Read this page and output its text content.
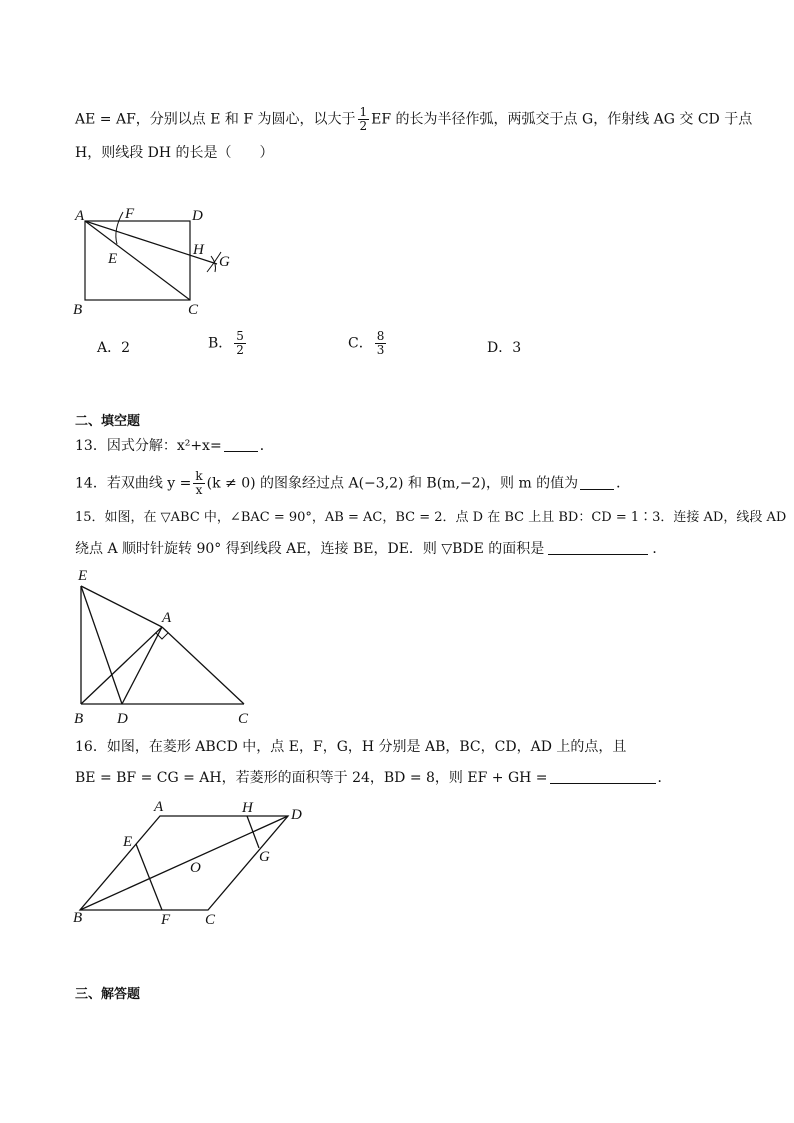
AE = AF，分别以点 E 和 F 为圆心，以大于 $\frac{1}{2}$ EF 的长为半径作弧，两弧交于点 G，作射线 AG 交 CD 于点
H，则线段 DH 的长是（　　）
A	F	D
E
H
G
B	C
A．2	B． $\frac{5}{2}$	C． $\frac{8}{3}$	D．3
二、填空题
13．因式分解：x²+x=	．
14．若双曲线 $y = \frac{k}{x} (k \ne 0)$ 的图象经过点 A(−3,2) 和 B(m,−2)，则 m 的值为	．
15．如图，在 ▽ABC 中，∠BAC = 90°，AB = AC，BC = 2．点 D 在 BC 上且 BD：CD = 1∶3．连接 AD，线段 AD
绕点 A 顺时针旋转 90° 得到线段 AE，连接 BE，DE．则 ▽BDE 的面积是	．
E
A
B D	C
16．如图，在菱形 ABCD 中，点 E，F，G，H 分别是 AB，BC，CD，AD 上的点，且
BE = BF = CG = AH，若菱形的面积等于 24，BD = 8，则 EF + GH =	．
A	H	D
E
G
O
B	F C
三、解答题
